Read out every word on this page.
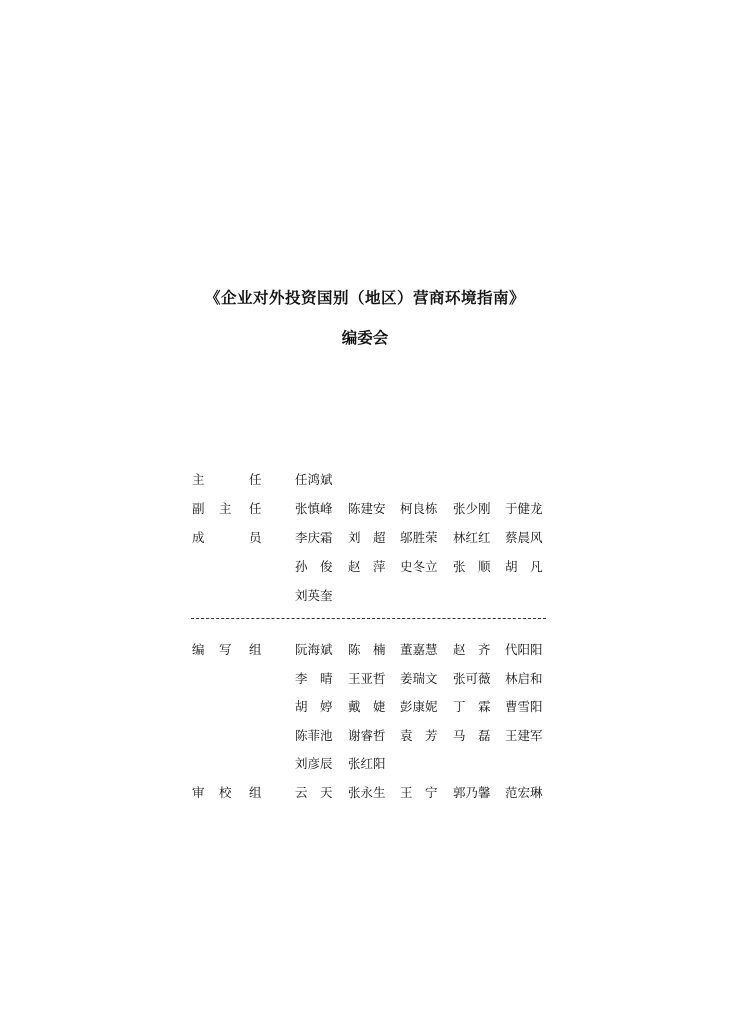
《企业对外投资国别（地区）营商环境指南》
编委会
主	任	任鸿斌
副 主 任	张慎峰 陈建安 柯良栋 张少刚 于健龙
成	员	李庆霜 刘　超 邬胜荣 林红红 蔡晨风
孙　俊 赵　萍 史冬立 张　顺 胡　凡
刘英奎
编 写 组	阮海斌 陈　楠 董嘉慧 赵　齐 代阳阳
李　晴 王亚哲 姜瑞文 张可薇 林启和
胡　婷 戴　婕 彭康妮 丁　霖 曹雪阳
陈菲池 谢睿哲 袁　芳 马　磊 王建军
刘彦辰 张红阳
审 校 组	云　天 张永生 王　宁 郭乃馨 范宏琳
